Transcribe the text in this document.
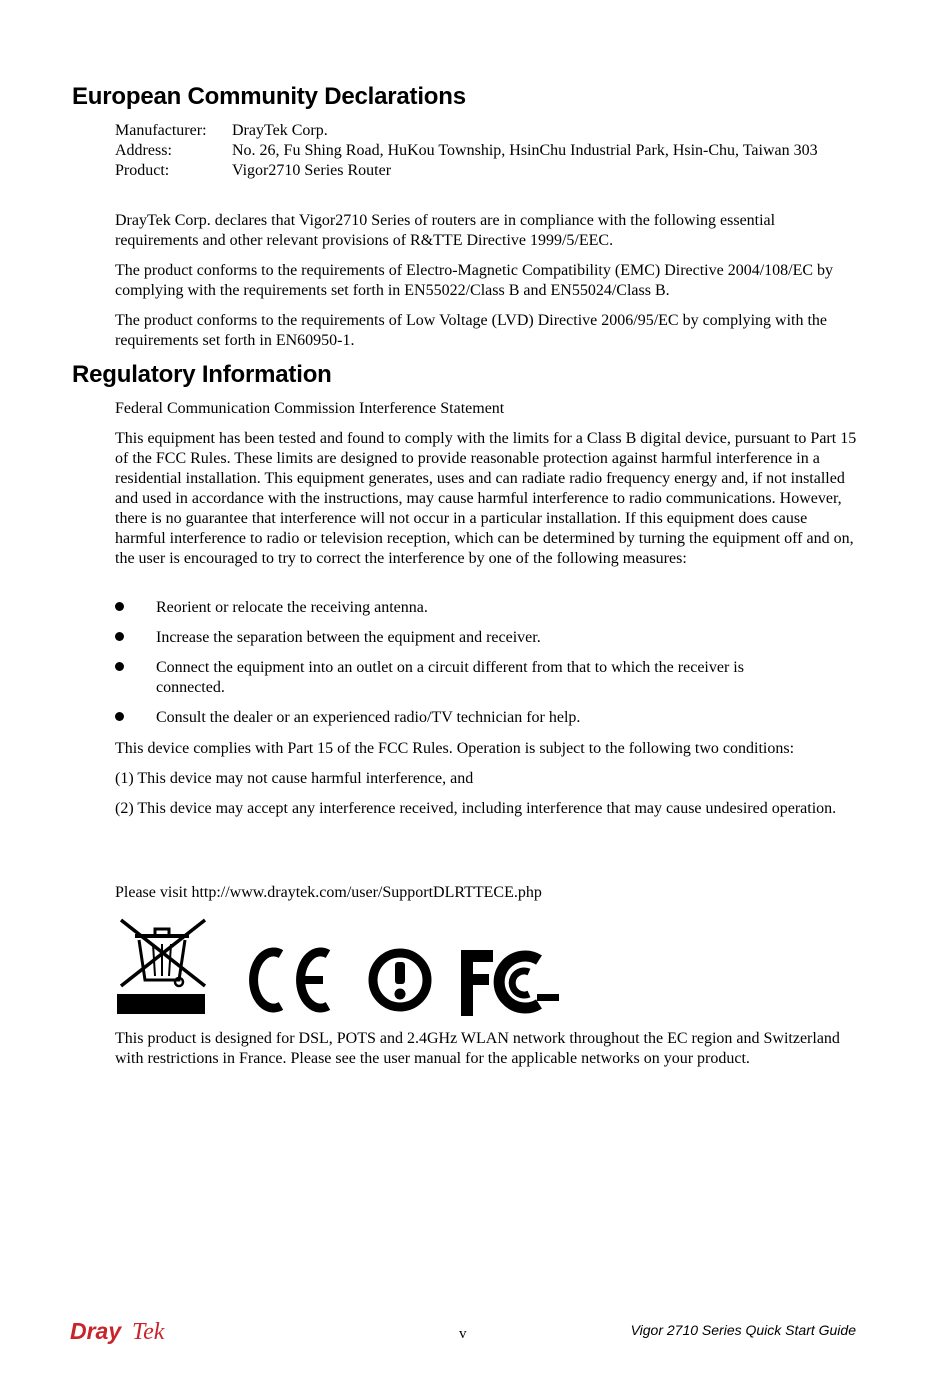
European Community Declarations
Manufacturer:	DrayTek Corp.
Address:	No. 26, Fu Shing Road, HuKou Township, HsinChu Industrial Park, Hsin-Chu, Taiwan 303
Product:	Vigor2710 Series Router

DrayTek Corp. declares that Vigor2710 Series of routers are in compliance with the following essential requirements and other relevant provisions of R&TTE Directive 1999/5/EEC.

The product conforms to the requirements of Electro-Magnetic Compatibility (EMC) Directive 2004/108/EC by complying with the requirements set forth in EN55022/Class B and EN55024/Class B.

The product conforms to the requirements of Low Voltage (LVD) Directive 2006/95/EC by complying with the requirements set forth in EN60950-1.

Regulatory Information

Federal Communication Commission Interference Statement

This equipment has been tested and found to comply with the limits for a Class B digital device, pursuant to Part 15 of the FCC Rules. These limits are designed to provide reasonable protection against harmful interference in a residential installation. This equipment generates, uses and can radiate radio frequency energy and, if not installed and used in accordance with the instructions, may cause harmful interference to radio communications. However, there is no guarantee that interference will not occur in a particular installation. If this equipment does cause harmful interference to radio or television reception, which can be determined by turning the equipment off and on, the user is encouraged to try to correct the interference by one of the following measures:

Reorient or relocate the receiving antenna.
Increase the separation between the equipment and receiver.
Connect the equipment into an outlet on a circuit different from that to which the receiver is connected.
Consult the dealer or an experienced radio/TV technician for help.

This device complies with Part 15 of the FCC Rules. Operation is subject to the following two conditions:

(1) This device may not cause harmful interference, and

(2) This device may accept any interference received, including interference that may cause undesired operation.

Please visit http://www.draytek.com/user/SupportDLRTTECE.php

This product is designed for DSL, POTS and 2.4GHz WLAN network throughout the EC region and Switzerland with restrictions in France. Please see the user manual for the applicable networks on your product.

Dray Tek	v	Vigor 2710 Series Quick Start Guide
